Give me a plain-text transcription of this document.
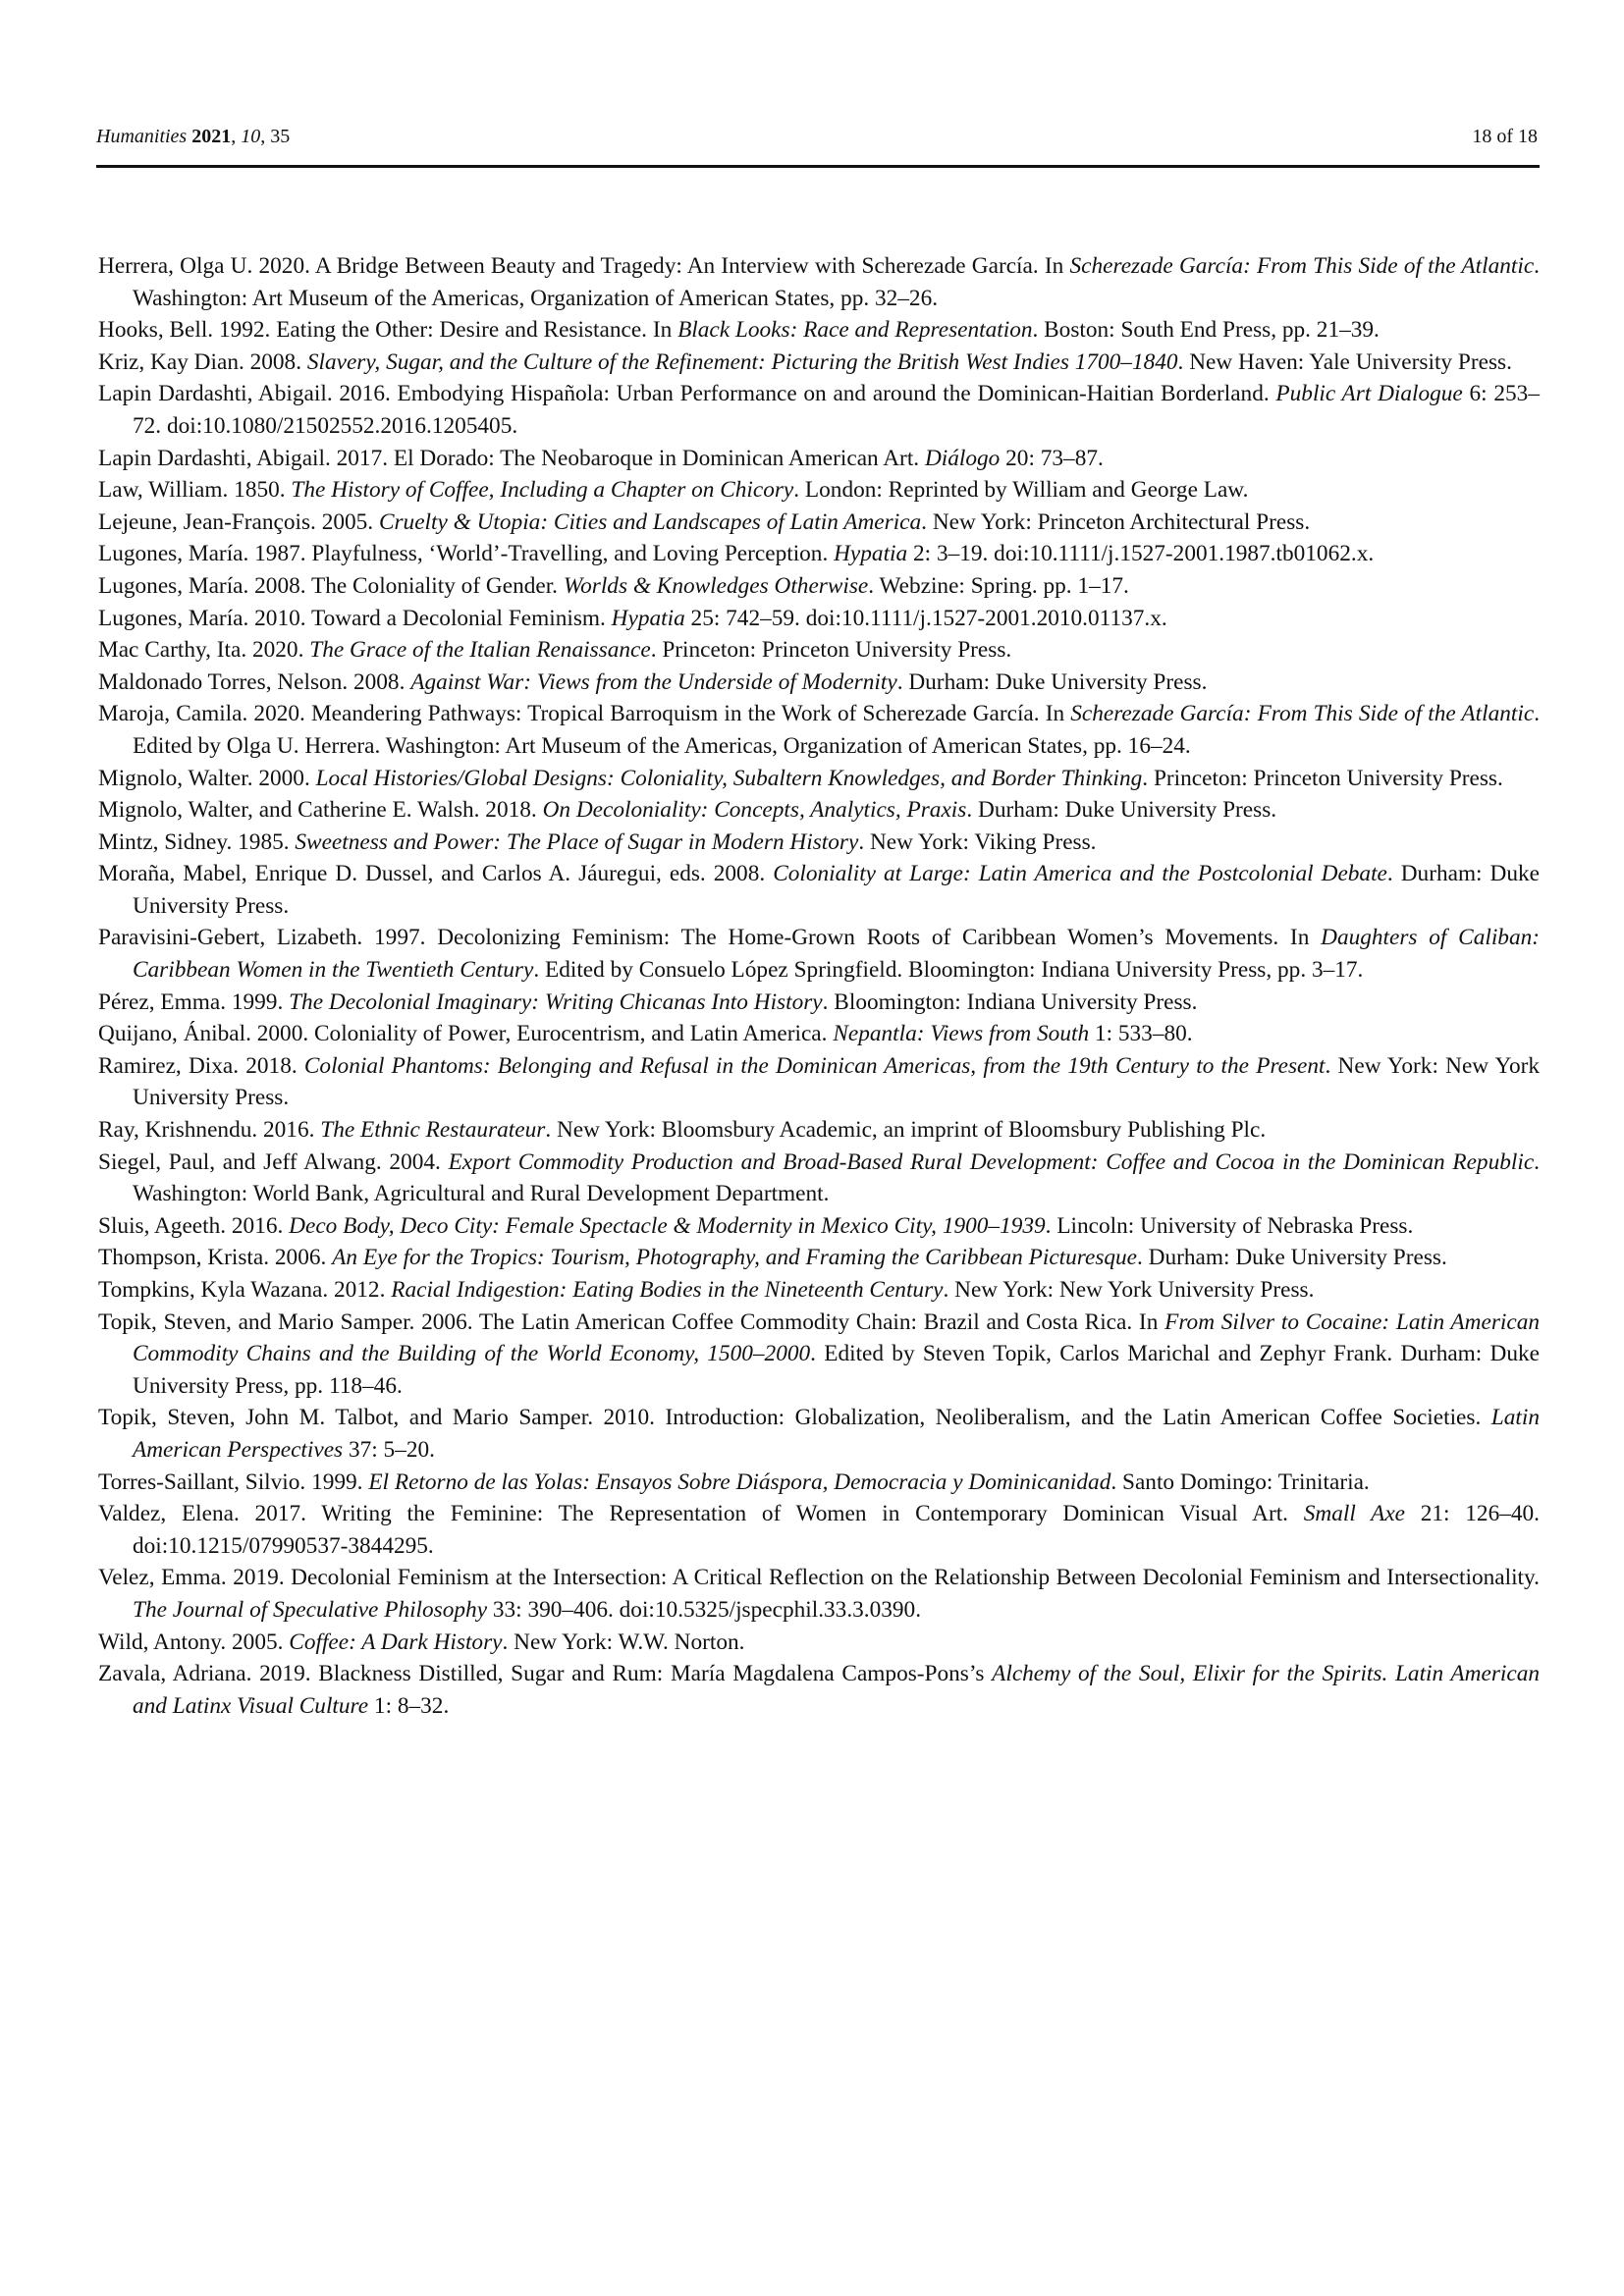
Humanities 2021, 10, 35	18 of 18
Herrera, Olga U. 2020. A Bridge Between Beauty and Tragedy: An Interview with Scherezade García. In Scherezade García: From This Side of the Atlantic. Washington: Art Museum of the Americas, Organization of American States, pp. 32–26.
Hooks, Bell. 1992. Eating the Other: Desire and Resistance. In Black Looks: Race and Representation. Boston: South End Press, pp. 21–39.
Kriz, Kay Dian. 2008. Slavery, Sugar, and the Culture of the Refinement: Picturing the British West Indies 1700–1840. New Haven: Yale University Press.
Lapin Dardashti, Abigail. 2016. Embodying Hispañola: Urban Performance on and around the Dominican-Haitian Borderland. Public Art Dialogue 6: 253–72. doi:10.1080/21502552.2016.1205405.
Lapin Dardashti, Abigail. 2017. El Dorado: The Neobaroque in Dominican American Art. Diálogo 20: 73–87.
Law, William. 1850. The History of Coffee, Including a Chapter on Chicory. London: Reprinted by William and George Law.
Lejeune, Jean-François. 2005. Cruelty & Utopia: Cities and Landscapes of Latin America. New York: Princeton Architectural Press.
Lugones, María. 1987. Playfulness, ‘World’-Travelling, and Loving Perception. Hypatia 2: 3–19. doi:10.1111/j.1527-2001.1987.tb01062.x.
Lugones, María. 2008. The Coloniality of Gender. Worlds & Knowledges Otherwise. Webzine: Spring. pp. 1–17.
Lugones, María. 2010. Toward a Decolonial Feminism. Hypatia 25: 742–59. doi:10.1111/j.1527-2001.2010.01137.x.
Mac Carthy, Ita. 2020. The Grace of the Italian Renaissance. Princeton: Princeton University Press.
Maldonado Torres, Nelson. 2008. Against War: Views from the Underside of Modernity. Durham: Duke University Press.
Maroja, Camila. 2020. Meandering Pathways: Tropical Barroquism in the Work of Scherezade García. In Scherezade García: From This Side of the Atlantic. Edited by Olga U. Herrera. Washington: Art Museum of the Americas, Organization of American States, pp. 16–24.
Mignolo, Walter. 2000. Local Histories/Global Designs: Coloniality, Subaltern Knowledges, and Border Thinking. Princeton: Princeton University Press.
Mignolo, Walter, and Catherine E. Walsh. 2018. On Decoloniality: Concepts, Analytics, Praxis. Durham: Duke University Press.
Mintz, Sidney. 1985. Sweetness and Power: The Place of Sugar in Modern History. New York: Viking Press.
Moraña, Mabel, Enrique D. Dussel, and Carlos A. Jáuregui, eds. 2008. Coloniality at Large: Latin America and the Postcolonial Debate. Durham: Duke University Press.
Paravisini-Gebert, Lizabeth. 1997. Decolonizing Feminism: The Home-Grown Roots of Caribbean Women’s Movements. In Daughters of Caliban: Caribbean Women in the Twentieth Century. Edited by Consuelo López Springfield. Bloomington: Indiana University Press, pp. 3–17.
Pérez, Emma. 1999. The Decolonial Imaginary: Writing Chicanas Into History. Bloomington: Indiana University Press.
Quijano, Ánibal. 2000. Coloniality of Power, Eurocentrism, and Latin America. Nepantla: Views from South 1: 533–80.
Ramirez, Dixa. 2018. Colonial Phantoms: Belonging and Refusal in the Dominican Americas, from the 19th Century to the Present. New York: New York University Press.
Ray, Krishnendu. 2016. The Ethnic Restaurateur. New York: Bloomsbury Academic, an imprint of Bloomsbury Publishing Plc.
Siegel, Paul, and Jeff Alwang. 2004. Export Commodity Production and Broad-Based Rural Development: Coffee and Cocoa in the Dominican Republic. Washington: World Bank, Agricultural and Rural Development Department.
Sluis, Ageeth. 2016. Deco Body, Deco City: Female Spectacle & Modernity in Mexico City, 1900–1939. Lincoln: University of Nebraska Press.
Thompson, Krista. 2006. An Eye for the Tropics: Tourism, Photography, and Framing the Caribbean Picturesque. Durham: Duke University Press.
Tompkins, Kyla Wazana. 2012. Racial Indigestion: Eating Bodies in the Nineteenth Century. New York: New York University Press.
Topik, Steven, and Mario Samper. 2006. The Latin American Coffee Commodity Chain: Brazil and Costa Rica. In From Silver to Cocaine: Latin American Commodity Chains and the Building of the World Economy, 1500–2000. Edited by Steven Topik, Carlos Marichal and Zephyr Frank. Durham: Duke University Press, pp. 118–46.
Topik, Steven, John M. Talbot, and Mario Samper. 2010. Introduction: Globalization, Neoliberalism, and the Latin American Coffee Societies. Latin American Perspectives 37: 5–20.
Torres-Saillant, Silvio. 1999. El Retorno de las Yolas: Ensayos Sobre Diáspora, Democracia y Dominicanidad. Santo Domingo: Trinitaria.
Valdez, Elena. 2017. Writing the Feminine: The Representation of Women in Contemporary Dominican Visual Art. Small Axe 21: 126–40. doi:10.1215/07990537-3844295.
Velez, Emma. 2019. Decolonial Feminism at the Intersection: A Critical Reflection on the Relationship Between Decolonial Feminism and Intersectionality. The Journal of Speculative Philosophy 33: 390–406. doi:10.5325/jspecphil.33.3.0390.
Wild, Antony. 2005. Coffee: A Dark History. New York: W.W. Norton.
Zavala, Adriana. 2019. Blackness Distilled, Sugar and Rum: María Magdalena Campos-Pons’s Alchemy of the Soul, Elixir for the Spirits. Latin American and Latinx Visual Culture 1: 8–32.
